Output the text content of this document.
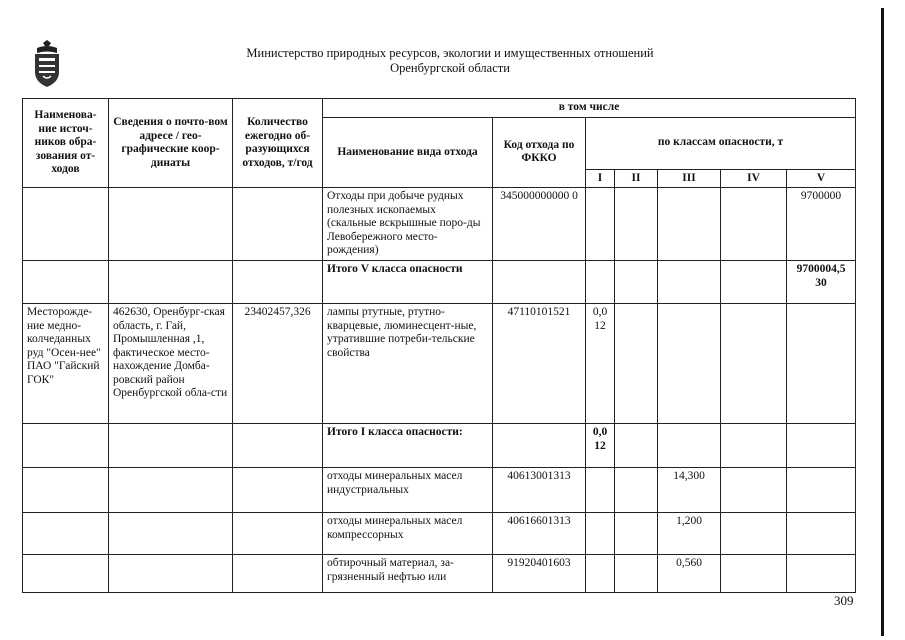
Министерство природных ресурсов, экологии и имущественных отношений
Оренбургской области
Наименова-ние источ-ников обра-зования от-ходов	Сведения о почто-вом адресе / гео-графические коор-динаты	Количество ежегодно об-разующихся отходов, т/год	в том числе						
			Наименование вида отхода	Код отхода по ФККО	по классам опасности, т				
					I	II	III	IV	V
			Отходы при добыче рудных полезных ископаемых (скальные вскрышные поро-ды Левобережного место-рождения)	345000000000 0					9700000
			Итого V класса опасности						9700004,5 30
Месторожде-ние медно-колчеданных руд "Осен-нее" ПАО "Гайский ГОК"	462630, Оренбург-ская область, г. Гай, Промышленная ,1, фактическое место-нахождение Домба-ровский район Оренбургской обла-сти	23402457,326	лампы ртутные, ртутно-кварцевые, люминесцент-ные, утратившие потреби-тельские свойства	47110101521	0,0 12				
			Итого I класса опасности:		0,0 12				
			отходы минеральных масел индустриальных	40613001313			14,300		
			отходы минеральных масел компрессорных	40616601313			1,200		
			обтирочный материал, за-грязненный нефтью или	91920401603			0,560		
309
